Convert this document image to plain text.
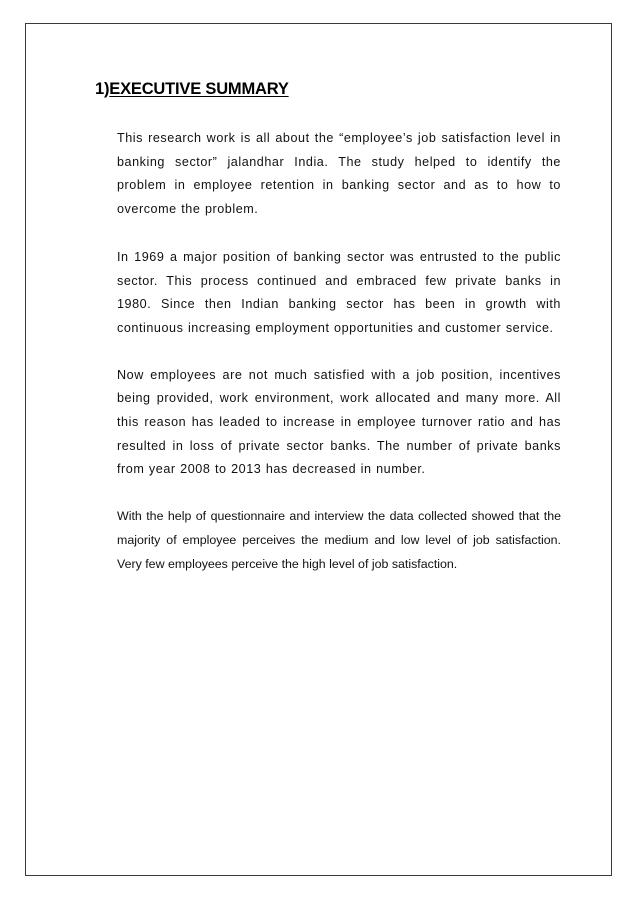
1)EXECUTIVE SUMMARY

This research work is all about the “employee’s job satisfaction level in banking sector” jalandhar India. The study helped to identify the problem in employee retention in banking sector and as to how to overcome the problem.

In 1969 a major position of banking sector was entrusted to the public sector. This process continued and embraced few private banks in 1980. Since then Indian banking sector has been in growth with continuous increasing employment opportunities and customer service.

Now employees are not much satisfied with a job position, incentives being provided, work environment, work allocated and many more. All this reason has leaded to increase in employee turnover ratio and has resulted in loss of private sector banks. The number of private banks from year 2008 to 2013 has decreased in number.

With the help of questionnaire and interview the data collected showed that the majority of employee perceives the medium and low level of job satisfaction. Very few employees perceive the high level of job satisfaction.
